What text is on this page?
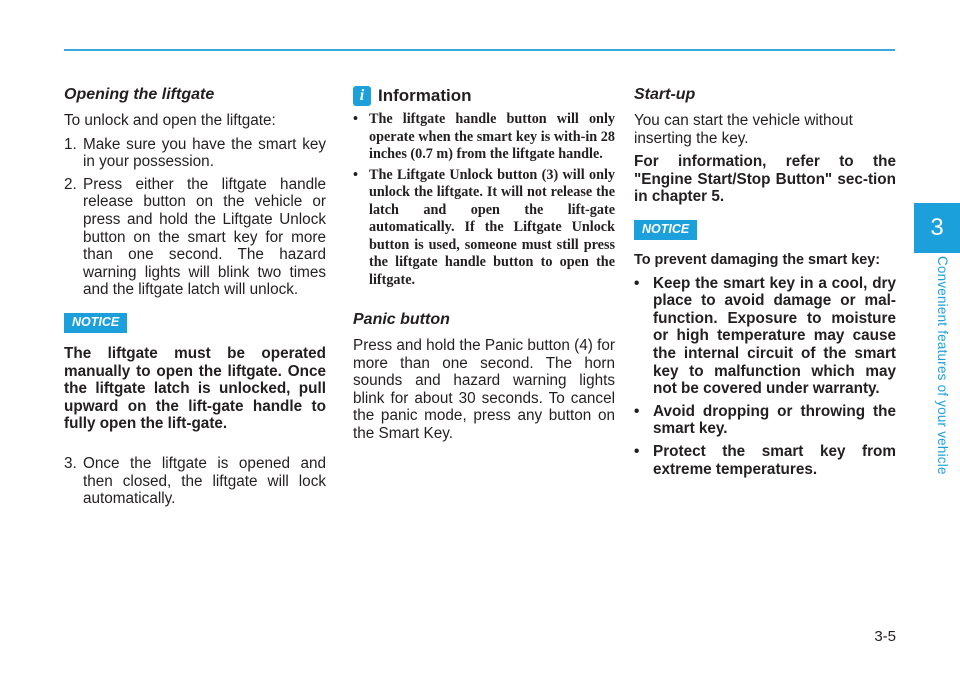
3
Convenient features of your vehicle
Opening the liftgate

To unlock and open the liftgate:

1. Make sure you have the smart key in your possession.
2. Press either the liftgate handle release button on the vehicle or press and hold the Liftgate Unlock button on the smart key for more than one second. The hazard warning lights will blink two times and the liftgate latch will unlock.
NOTICE

The liftgate must be operated manually to open the liftgate. Once the liftgate latch is unlocked, pull upward on the lift-gate handle to fully open the lift-gate.

3. Once the liftgate is opened and then closed, the liftgate will lock automatically.
i Information
• The liftgate handle button will only operate when the smart key is with-in 28 inches (0.7 m) from the liftgate handle.
• The Liftgate Unlock button (3) will only unlock the liftgate. It will not release the latch and open the lift-gate automatically. If the Liftgate Unlock button is used, someone must still press the liftgate handle button to open the liftgate.
Panic button

Press and hold the Panic button (4) for more than one second. The horn sounds and hazard warning lights blink for about 30 seconds. To cancel the panic mode, press any button on the Smart Key.

Start-up

You can start the vehicle without inserting the key.

For information, refer to the "Engine Start/Stop Button" sec-tion in chapter 5.

NOTICE

To prevent damaging the smart key:

• Keep the smart key in a cool, dry place to avoid damage or mal-function. Exposure to moisture or high temperature may cause the internal circuit of the smart key to malfunction which may not be covered under warranty.
• Avoid dropping or throwing the smart key.
• Protect the smart key from extreme temperatures.
3-5
